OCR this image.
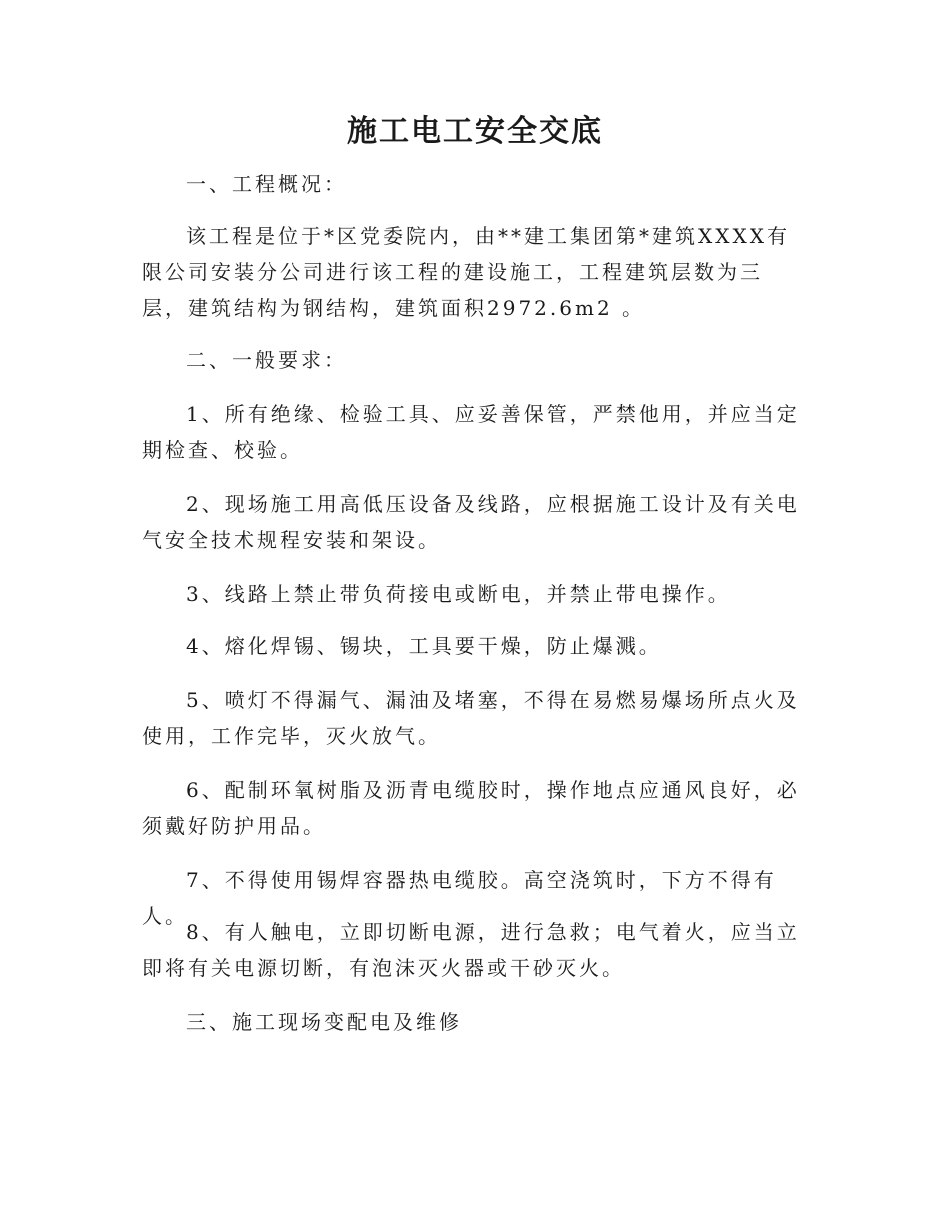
施工电工安全交底
一、工程概况：
该工程是位于*区党委院内，由**建工集团第*建筑XXXX有限公司安装分公司进行该工程的建设施工，工程建筑层数为三层，建筑结构为钢结构，建筑面积2972.6m2 。
二、一般要求：
1、所有绝缘、检验工具、应妥善保管，严禁他用，并应当定期检查、校验。
2、现场施工用高低压设备及线路，应根据施工设计及有关电气安全技术规程安装和架设。
3、线路上禁止带负荷接电或断电，并禁止带电操作。
4、熔化焊锡、锡块，工具要干燥，防止爆溅。
5、喷灯不得漏气、漏油及堵塞，不得在易燃易爆场所点火及使用，工作完毕，灭火放气。
6、配制环氧树脂及沥青电缆胶时，操作地点应通风良好，必须戴好防护用品。
7、不得使用锡焊容器热电缆胶。高空浇筑时，下方不得有人。
8、有人触电，立即切断电源，进行急救；电气着火，应当立即将有关电源切断，有泡沫灭火器或干砂灭火。
三、施工现场变配电及维修
